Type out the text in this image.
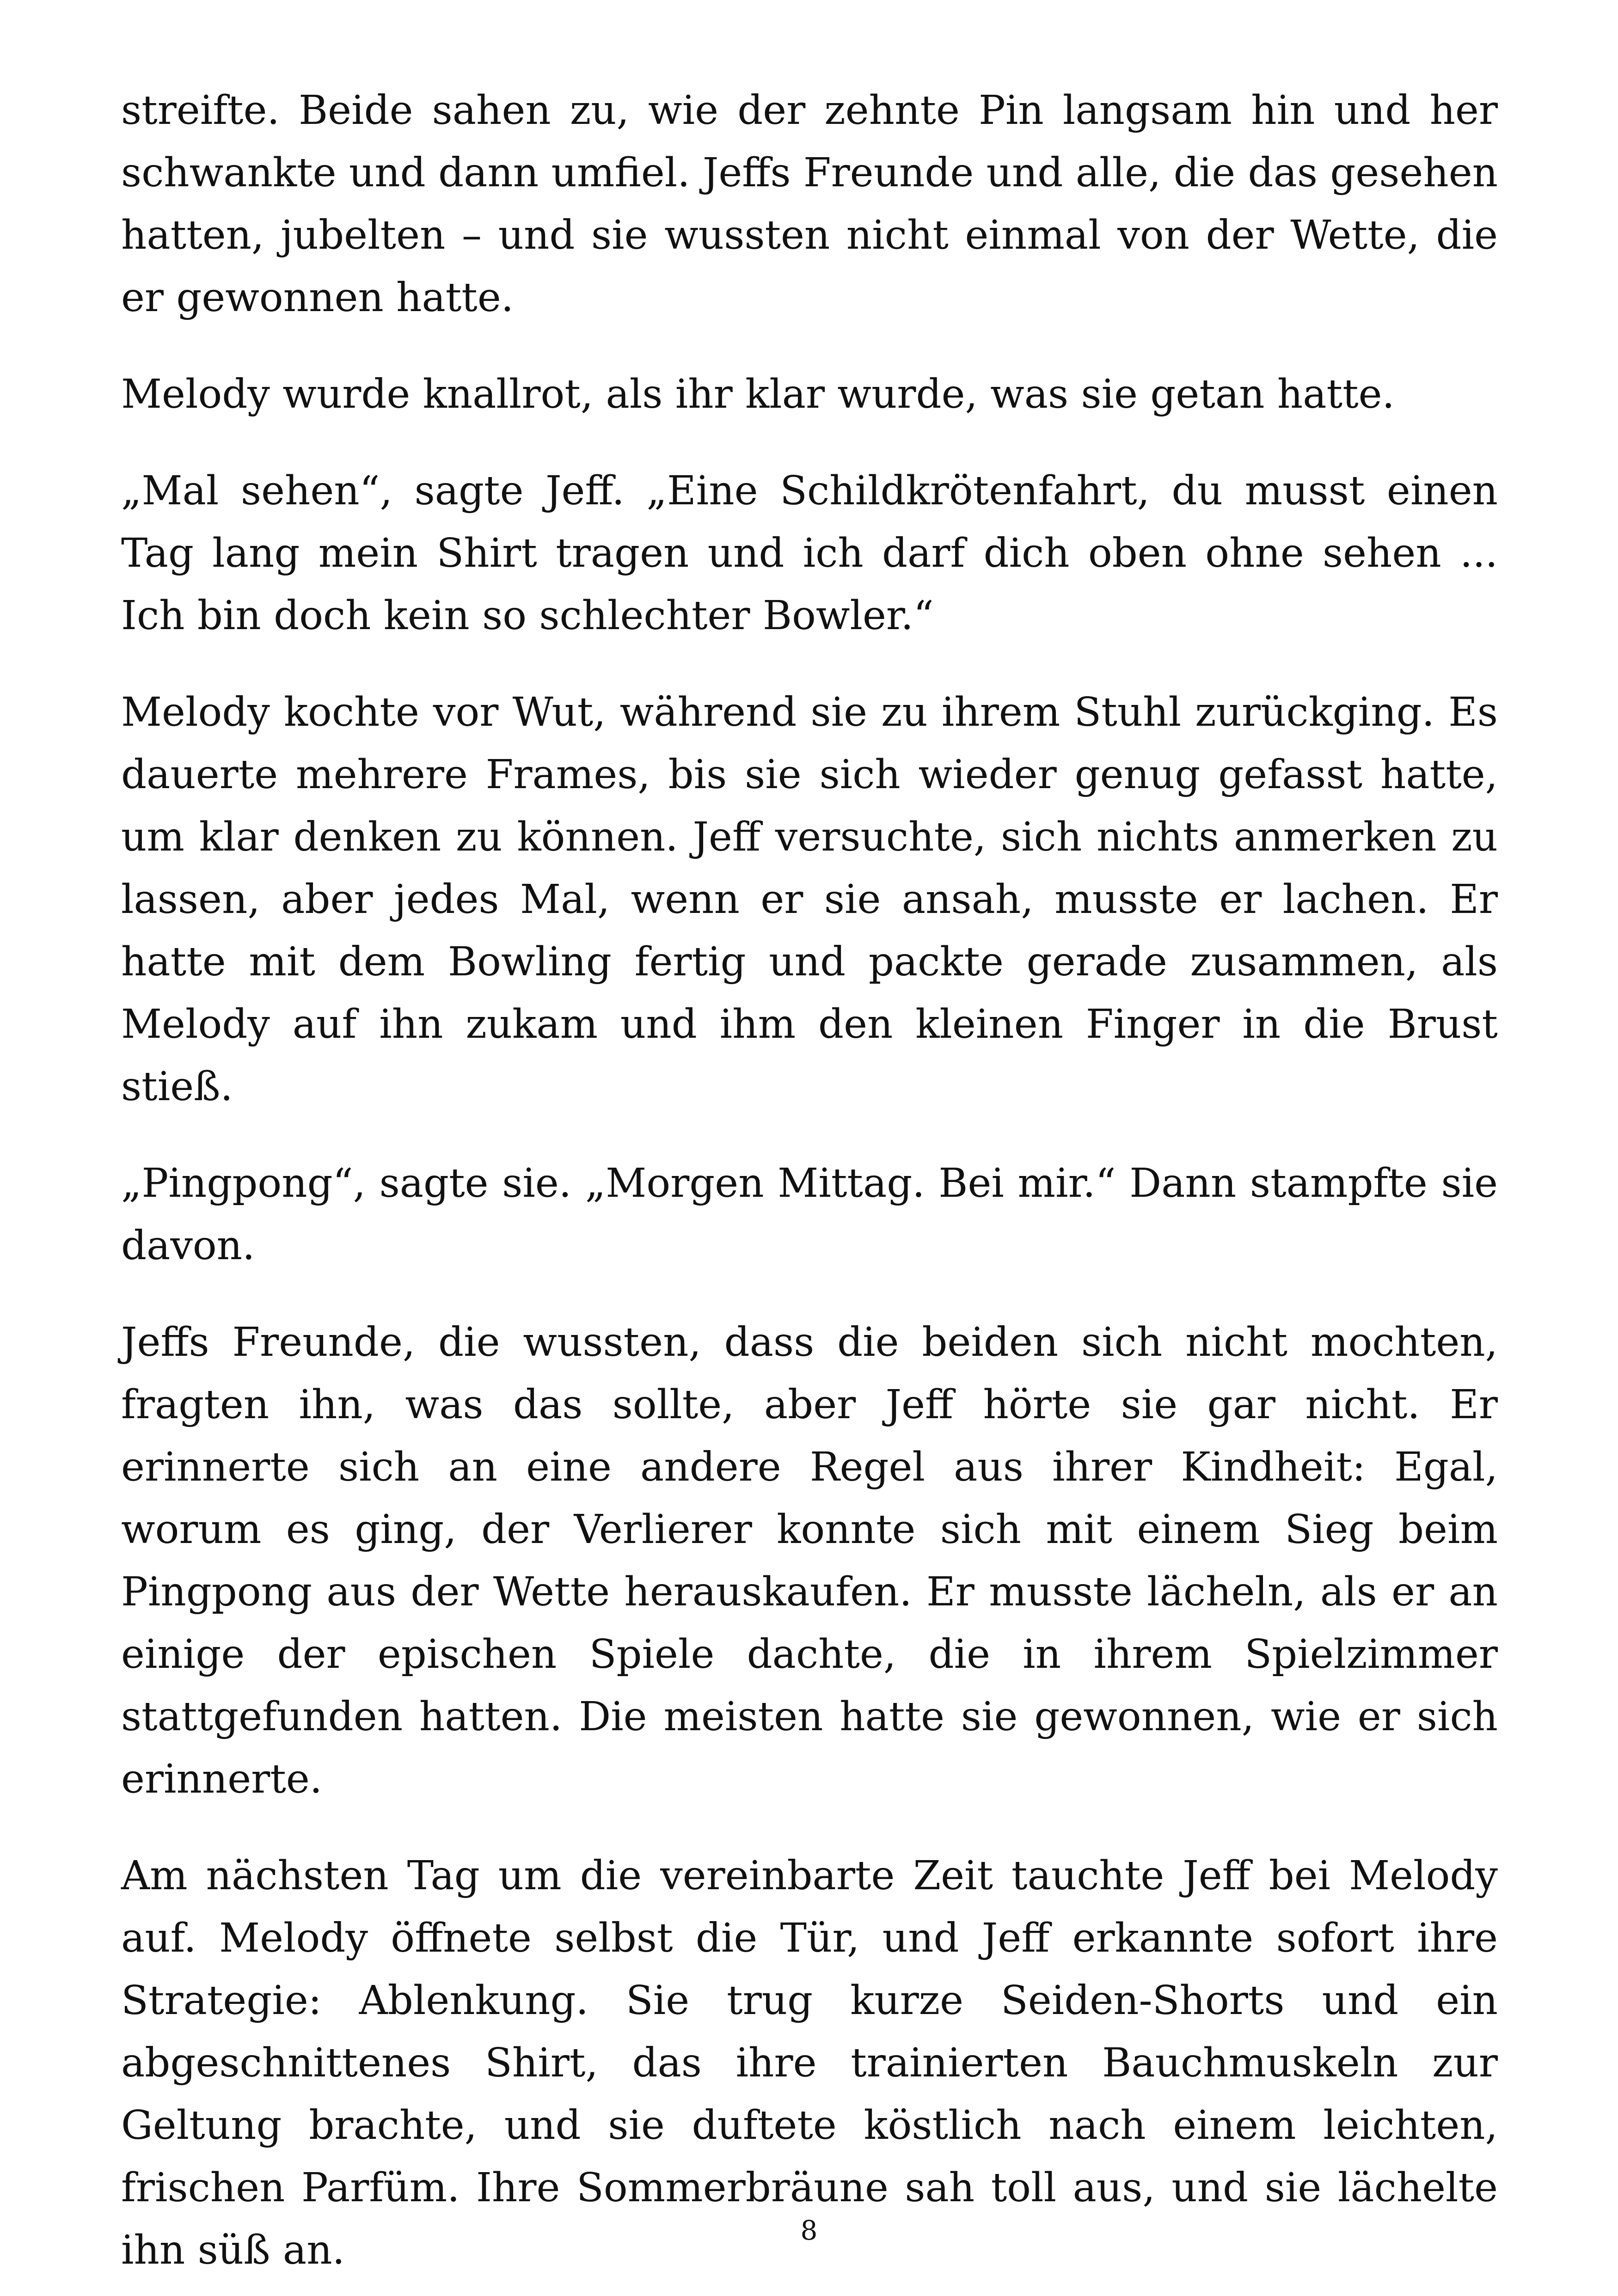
streifte. Beide sahen zu, wie der zehnte Pin langsam hin und her schwankte und dann umfiel. Jeffs Freunde und alle, die das gesehen hatten, jubelten – und sie wussten nicht einmal von der Wette, die er gewonnen hatte.

Melody wurde knallrot, als ihr klar wurde, was sie getan hatte.

„Mal sehen“, sagte Jeff. „Eine Schildkrötenfahrt, du musst einen Tag lang mein Shirt tragen und ich darf dich oben ohne sehen ... Ich bin doch kein so schlechter Bowler.“

Melody kochte vor Wut, während sie zu ihrem Stuhl zurückging. Es dauerte mehrere Frames, bis sie sich wieder genug gefasst hatte, um klar denken zu können. Jeff versuchte, sich nichts anmerken zu lassen, aber jedes Mal, wenn er sie ansah, musste er lachen. Er hatte mit dem Bowling fertig und packte gerade zusammen, als Melody auf ihn zukam und ihm den kleinen Finger in die Brust stieß.

„Pingpong“, sagte sie. „Morgen Mittag. Bei mir.“ Dann stampfte sie davon.

Jeffs Freunde, die wussten, dass die beiden sich nicht mochten, fragten ihn, was das sollte, aber Jeff hörte sie gar nicht. Er erinnerte sich an eine andere Regel aus ihrer Kindheit: Egal, worum es ging, der Verlierer konnte sich mit einem Sieg beim Pingpong aus der Wette herauskaufen. Er musste lächeln, als er an einige der epischen Spiele dachte, die in ihrem Spielzimmer stattgefunden hatten. Die meisten hatte sie gewonnen, wie er sich erinnerte.

Am nächsten Tag um die vereinbarte Zeit tauchte Jeff bei Melody auf. Melody öffnete selbst die Tür, und Jeff erkannte sofort ihre Strategie: Ablenkung. Sie trug kurze Seiden-Shorts und ein abgeschnittenes Shirt, das ihre trainierten Bauchmuskeln zur Geltung brachte, und sie duftete köstlich nach einem leichten, frischen Parfüm. Ihre Sommerbräune sah toll aus, und sie lächelte ihn süß an.	8
